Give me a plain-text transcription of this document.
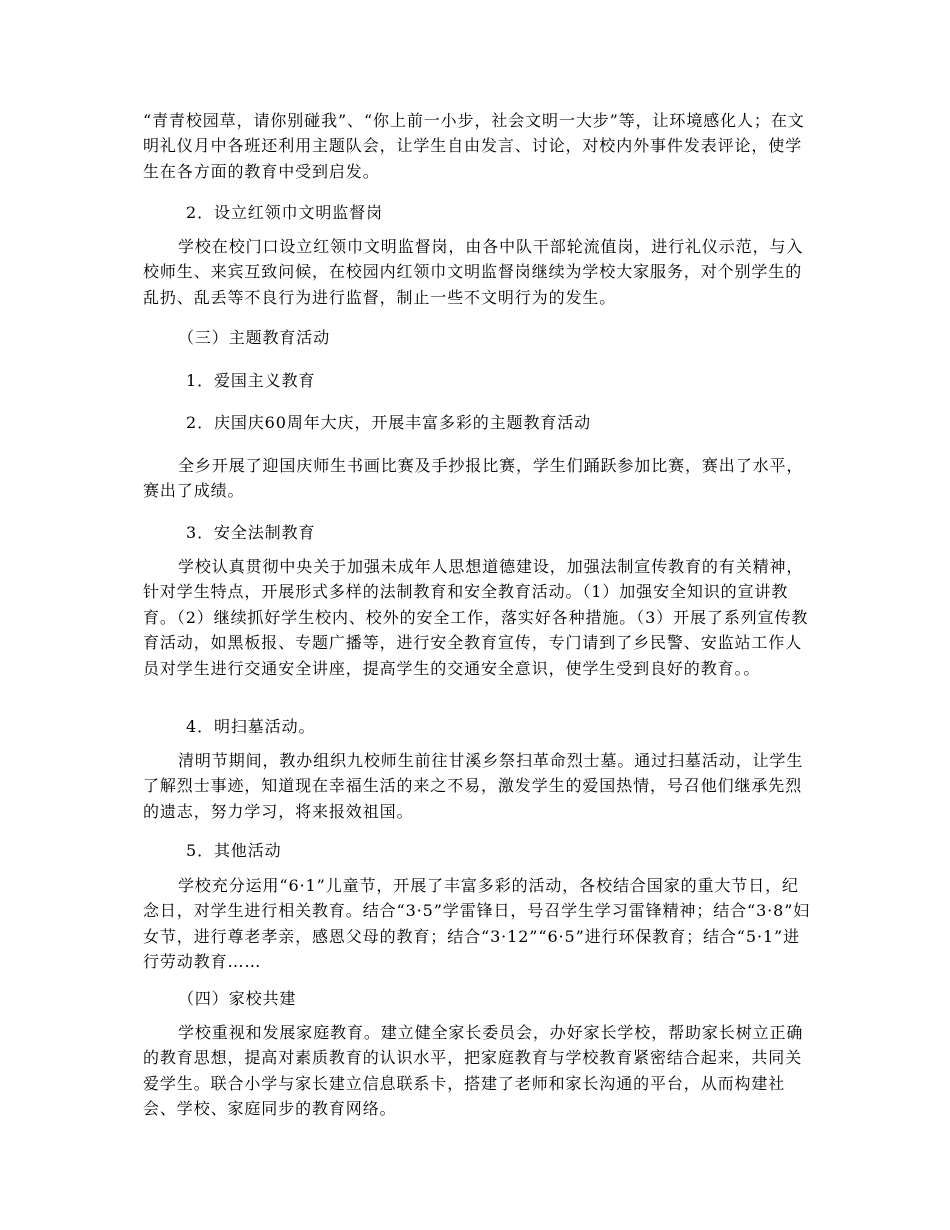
“青青校园草，请你别碰我”、“你上前一小步，社会文明一大步”等，让环境感化人；在文明礼仪月中各班还利用主题队会，让学生自由发言、讨论，对校内外事件发表评论，使学生在各方面的教育中受到启发。

2．设立红领巾文明监督岗

学校在校门口设立红领巾文明监督岗，由各中队干部轮流值岗，进行礼仪示范，与入校师生、来宾互致问候，在校园内红领巾文明监督岗继续为学校大家服务，对个别学生的乱扔、乱丢等不良行为进行监督，制止一些不文明行为的发生。

（三）主题教育活动

1．爱国主义教育

2．庆国庆60周年大庆，开展丰富多彩的主题教育活动

全乡开展了迎国庆师生书画比赛及手抄报比赛，学生们踊跃参加比赛，赛出了水平，赛出了成绩。

3．安全法制教育

学校认真贯彻中央关于加强未成年人思想道德建设，加强法制宣传教育的有关精神，针对学生特点，开展形式多样的法制教育和安全教育活动。（1）加强安全知识的宣讲教育。（2）继续抓好学生校内、校外的安全工作，落实好各种措施。（3）开展了系列宣传教育活动，如黑板报、专题广播等，进行安全教育宣传，专门请到了乡民警、安监站工作人员对学生进行交通安全讲座，提高学生的交通安全意识，使学生受到良好的教育。。

4．明扫墓活动。

清明节期间，教办组织九校师生前往甘溪乡祭扫革命烈士墓。通过扫墓活动，让学生了解烈士事迹，知道现在幸福生活的来之不易，激发学生的爱国热情，号召他们继承先烈的遗志，努力学习，将来报效祖国。

5．其他活动

学校充分运用“6·1”儿童节，开展了丰富多彩的活动，各校结合国家的重大节日，纪念日，对学生进行相关教育。结合“3·5”学雷锋日，号召学生学习雷锋精神；结合“3·8”妇女节，进行尊老孝亲，感恩父母的教育；结合“3·12”“6·5”进行环保教育；结合“5·1”进行劳动教育……

（四）家校共建

学校重视和发展家庭教育。建立健全家长委员会，办好家长学校，帮助家长树立正确的教育思想，提高对素质教育的认识水平，把家庭教育与学校教育紧密结合起来，共同关爱学生。联合小学与家长建立信息联系卡，搭建了老师和家长沟通的平台，从而构建社会、学校、家庭同步的教育网络。
